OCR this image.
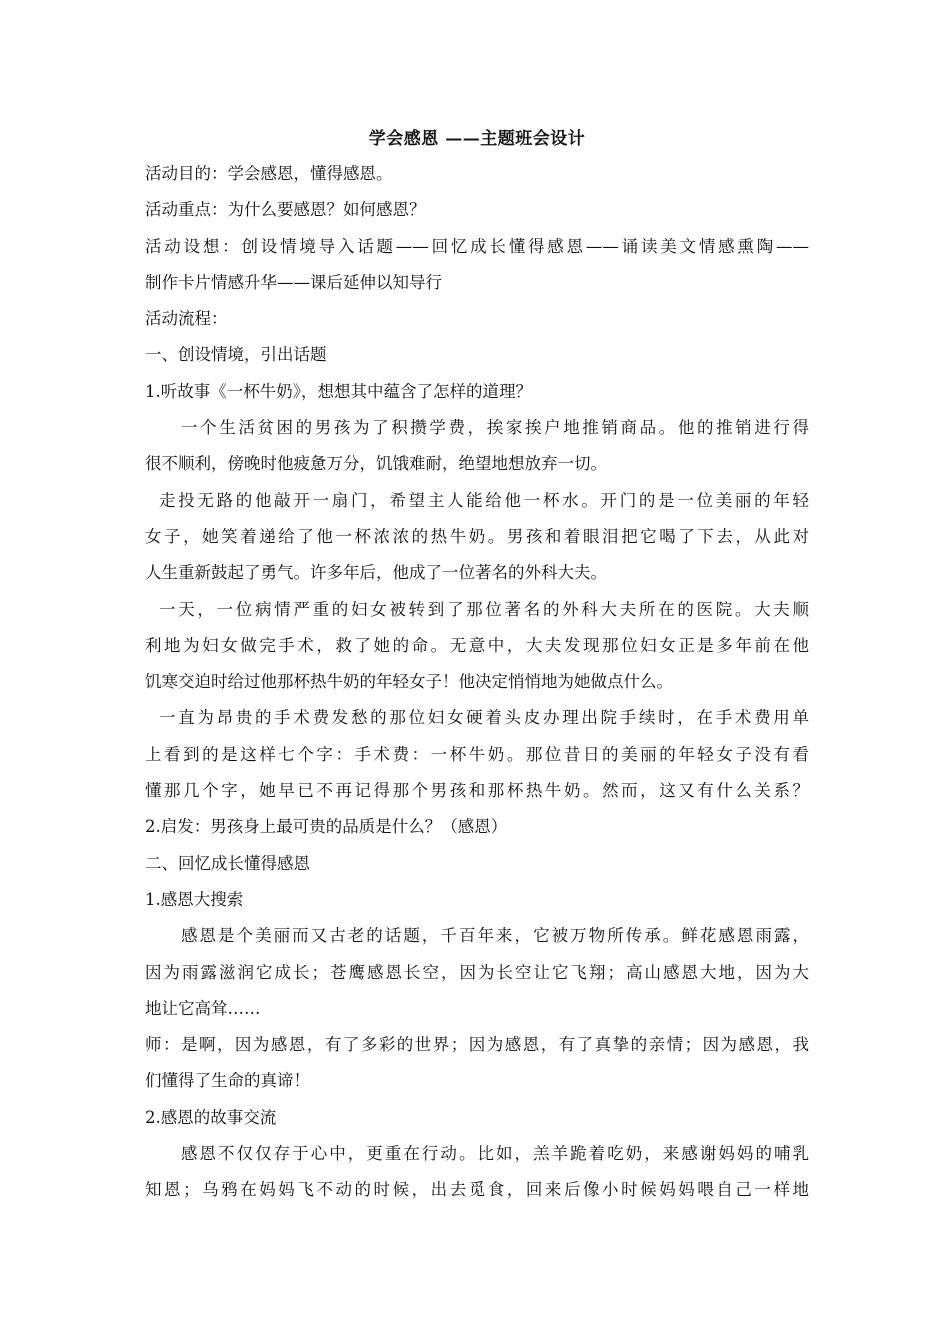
学会感恩 ——主题班会设计

活动目的：学会感恩，懂得感恩。

活动重点：为什么要感恩？如何感恩？

活动设想：创设情境导入话题——回忆成长懂得感恩——诵读美文情感熏陶——

制作卡片情感升华——课后延伸以知导行

活动流程：

一、创设情境，引出话题

1.听故事《一杯牛奶》，想想其中蕴含了怎样的道理？

一个生活贫困的男孩为了积攒学费，挨家挨户地推销商品。他的推销进行得

很不顺利，傍晚时他疲惫万分，饥饿难耐，绝望地想放弃一切。

走投无路的他敲开一扇门，希望主人能给他一杯水。开门的是一位美丽的年轻

女子，她笑着递给了他一杯浓浓的热牛奶。男孩和着眼泪把它喝了下去，从此对

人生重新鼓起了勇气。许多年后，他成了一位著名的外科大夫。

一天，一位病情严重的妇女被转到了那位著名的外科大夫所在的医院。大夫顺

利地为妇女做完手术，救了她的命。无意中，大夫发现那位妇女正是多年前在他

饥寒交迫时给过他那杯热牛奶的年轻女子！他决定悄悄地为她做点什么。

一直为昂贵的手术费发愁的那位妇女硬着头皮办理出院手续时，在手术费用单

上看到的是这样七个字：手术费：一杯牛奶。那位昔日的美丽的年轻女子没有看

懂那几个字，她早已不再记得那个男孩和那杯热牛奶。然而，这又有什么关系？

2.启发：男孩身上最可贵的品质是什么？（感恩）

二、回忆成长懂得感恩

1.感恩大搜索

感恩是个美丽而又古老的话题，千百年来，它被万物所传承。鲜花感恩雨露，

因为雨露滋润它成长；苍鹰感恩长空，因为长空让它飞翔；高山感恩大地，因为大

地让它高耸……

师：是啊，因为感恩，有了多彩的世界；因为感恩，有了真挚的亲情；因为感恩，我

们懂得了生命的真谛！

2.感恩的故事交流

感恩不仅仅存于心中，更重在行动。比如，羔羊跪着吃奶，来感谢妈妈的哺乳

知恩；乌鸦在妈妈飞不动的时候，出去觅食，回来后像小时候妈妈喂自己一样地
